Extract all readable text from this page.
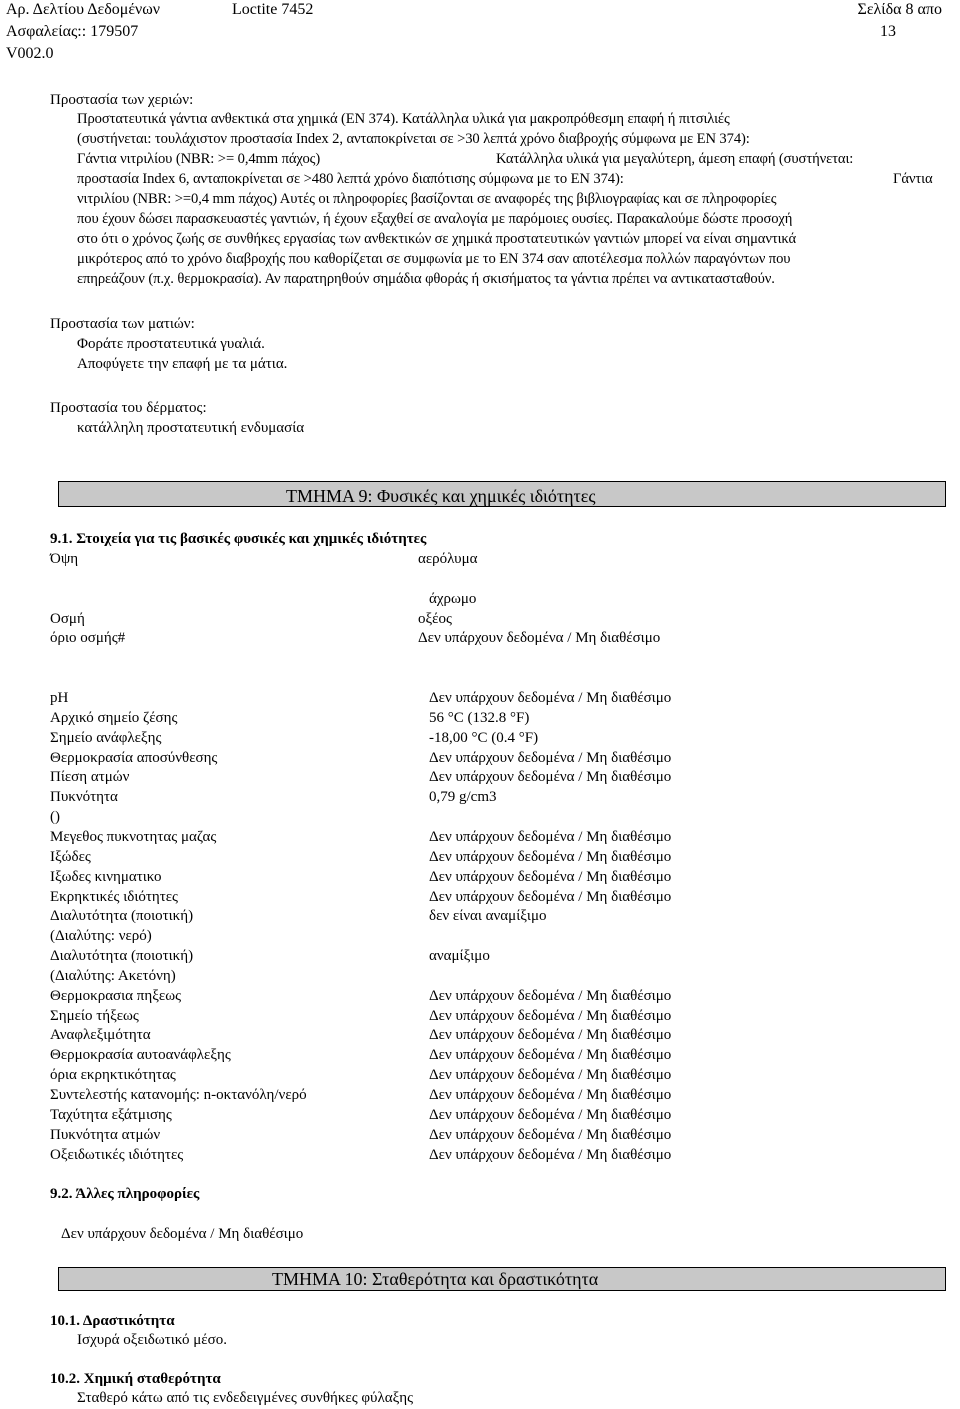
Αρ. Δελτίου Δεδομένων	Loctite 7452	Σελίδα 8 απο
Ασφαλείας:: 179507	13
V002.0
Προστασία των χεριών:
Προστατευτικά γάντια ανθεκτικά στα χημικά (EN 374). Κατάλληλα υλικά για μακροπρόθεσμη επαφή ή πιτσιλιές
(συστήνεται: τουλάχιστον προστασία Index 2, ανταποκρίνεται σε >30 λεπτά χρόνο διαβροχής σύμφωνα με EN 374):
Γάντια νιτριλίου (NBR: >= 0,4mm πάχος)	Κατάλληλα υλικά για μεγαλύτερη, άμεση επαφή (συστήνεται:
προστασία Index 6, ανταποκρίνεται σε >480 λεπτά χρόνο διαπότισης σύμφωνα με το EN 374):	Γάντια
νιτριλίου (NBR: >=0,4 mm πάχος) Αυτές οι πληροφορίες βασίζονται σε αναφορές της βιβλιογραφίας και σε πληροφορίες
που έχουν δώσει παρασκευαστές γαντιών, ή έχουν εξαχθεί σε αναλογία με παρόμοιες ουσίες. Παρακαλούμε δώστε προσοχή
στο ότι ο χρόνος ζωής σε συνθήκες εργασίας των ανθεκτικών σε χημικά προστατευτικών γαντιών μπορεί να είναι σημαντικά
μικρότερος από το χρόνο διαβροχής που καθορίζεται σε συμφωνία με το EN 374 σαν αποτέλεσμα πολλών παραγόντων που
επηρεάζουν (π.χ. θερμοκρασία). Αν παρατηρηθούν σημάδια φθοράς ή σκισήματος τα γάντια πρέπει να αντικατασταθούν.
Προστασία των ματιών:
Φοράτε προστατευτικά γυαλιά.
Αποφύγετε την επαφή με τα μάτια.
Προστασία του δέρματος:
κατάλληλη προστατευτική ενδυμασία
ΤΜΗΜΑ 9: Φυσικές και χημικές ιδιότητες
9.1. Στοιχεία για τις βασικές φυσικές και χημικές ιδιότητες
Όψη	αερόλυμα
άχρωμο
Οσμή	οξέος
όριο οσμής#	Δεν υπάρχουν δεδομένα / Μη διαθέσιμο
pH	Δεν υπάρχουν δεδομένα / Μη διαθέσιμο
Αρχικό σημείο ζέσης	56 °C (132.8 °F)
Σημείο ανάφλεξης	-18,00 °C (0.4 °F)
Θερμοκρασία αποσύνθεσης	Δεν υπάρχουν δεδομένα / Μη διαθέσιμο
Πίεση ατμών	Δεν υπάρχουν δεδομένα / Μη διαθέσιμο
Πυκνότητα	0,79 g/cm3
()
Μεγεθος πυκνοτητας μαζας	Δεν υπάρχουν δεδομένα / Μη διαθέσιμο
Ιξώδες	Δεν υπάρχουν δεδομένα / Μη διαθέσιμο
Ιξωδες κινηματικο	Δεν υπάρχουν δεδομένα / Μη διαθέσιμο
Εκρηκτικές ιδιότητες	Δεν υπάρχουν δεδομένα / Μη διαθέσιμο
Διαλυτότητα (ποιοτική)	δεν είναι αναμίξιμο
(Διαλύτης: νερό)
Διαλυτότητα (ποιοτική)	αναμίξιμο
(Διαλύτης: Ακετόνη)
Θερμοκρασια πηξεως	Δεν υπάρχουν δεδομένα / Μη διαθέσιμο
Σημείο τήξεως	Δεν υπάρχουν δεδομένα / Μη διαθέσιμο
Αναφλεξιμότητα	Δεν υπάρχουν δεδομένα / Μη διαθέσιμο
Θερμοκρασία αυτοανάφλεξης	Δεν υπάρχουν δεδομένα / Μη διαθέσιμο
όρια εκρηκτικότητας	Δεν υπάρχουν δεδομένα / Μη διαθέσιμο
Συντελεστής κατανομής: n-οκτανόλη/νερό	Δεν υπάρχουν δεδομένα / Μη διαθέσιμο
Ταχύτητα εξάτμισης	Δεν υπάρχουν δεδομένα / Μη διαθέσιμο
Πυκνότητα ατμών	Δεν υπάρχουν δεδομένα / Μη διαθέσιμο
Οξειδωτικές ιδιότητες	Δεν υπάρχουν δεδομένα / Μη διαθέσιμο
9.2. Άλλες πληροφορίες
Δεν υπάρχουν δεδομένα / Μη διαθέσιμο
ΤΜΗΜΑ 10: Σταθερότητα και δραστικότητα
10.1. Δραστικότητα
Ισχυρά οξειδωτικό μέσο.
10.2. Χημική σταθερότητα
Σταθερό κάτω από τις ενδεδειγμένες συνθήκες φύλαξης
